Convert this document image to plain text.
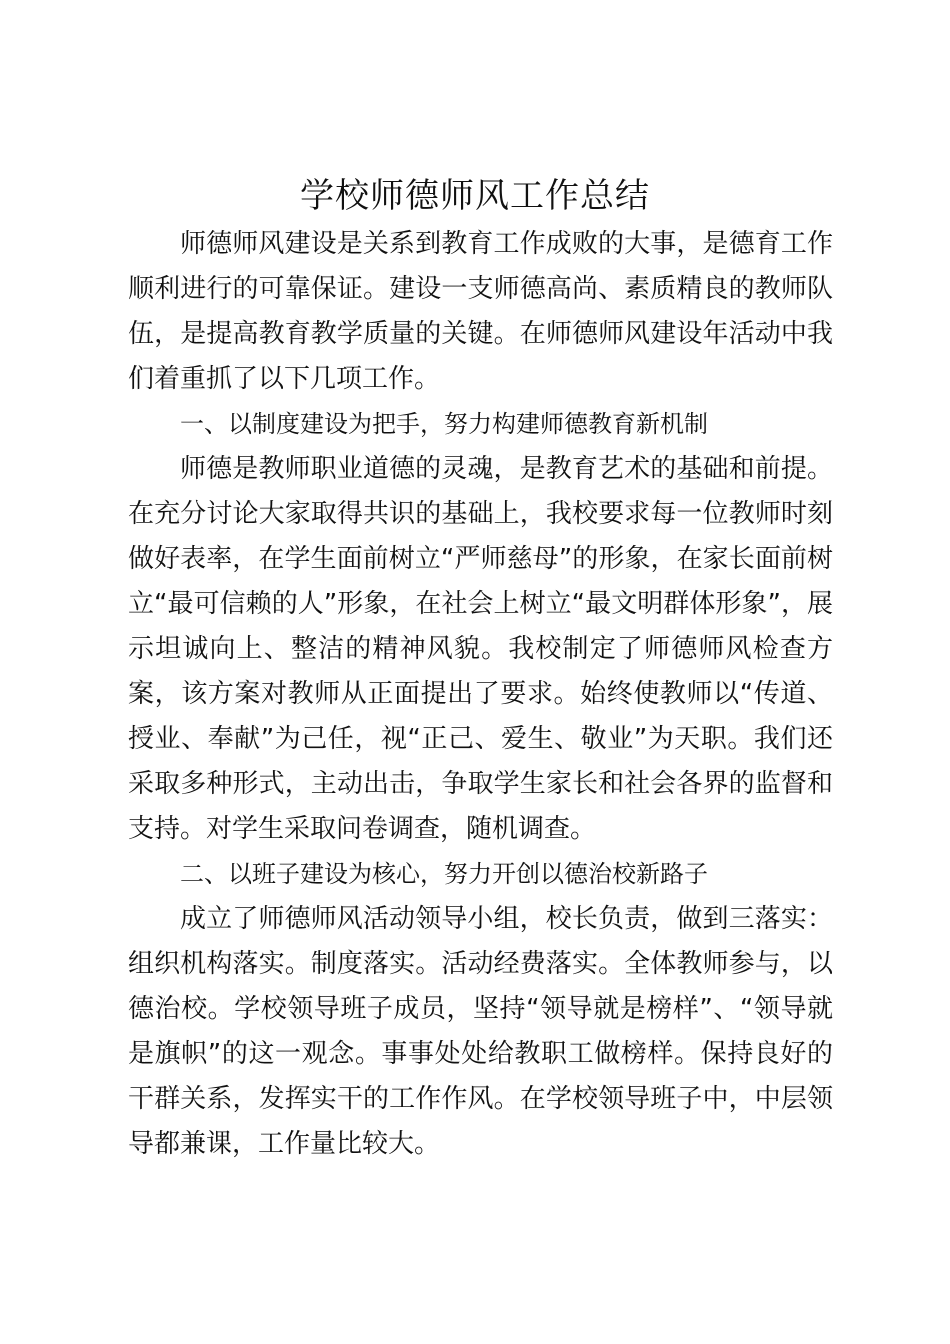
学校师德师风工作总结

师德师风建设是关系到教育工作成败的大事，是德育工作顺利进行的可靠保证。建设一支师德高尚、素质精良的教师队伍，是提高教育教学质量的关键。在师德师风建设年活动中我们着重抓了以下几项工作。

一、以制度建设为把手，努力构建师德教育新机制

师德是教师职业道德的灵魂，是教育艺术的基础和前提。在充分讨论大家取得共识的基础上，我校要求每一位教师时刻做好表率，在学生面前树立“严师慈母”的形象，在家长面前树立“最可信赖的人”形象，在社会上树立“最文明群体形象”，展示坦诚向上、整洁的精神风貌。我校制定了师德师风检查方案，该方案对教师从正面提出了要求。始终使教师以“传道、授业、奉献”为己任，视“正己、爱生、敬业”为天职。我们还采取多种形式，主动出击，争取学生家长和社会各界的监督和支持。对学生采取问卷调查，随机调查。

二、以班子建设为核心，努力开创以德治校新路子

成立了师德师风活动领导小组，校长负责，做到三落实：组织机构落实。制度落实。活动经费落实。全体教师参与，以德治校。学校领导班子成员，坚持“领导就是榜样”、“领导就是旗帜”的这一观念。事事处处给教职工做榜样。保持良好的干群关系，发挥实干的工作作风。在学校领导班子中，中层领导都兼课，工作量比较大。
